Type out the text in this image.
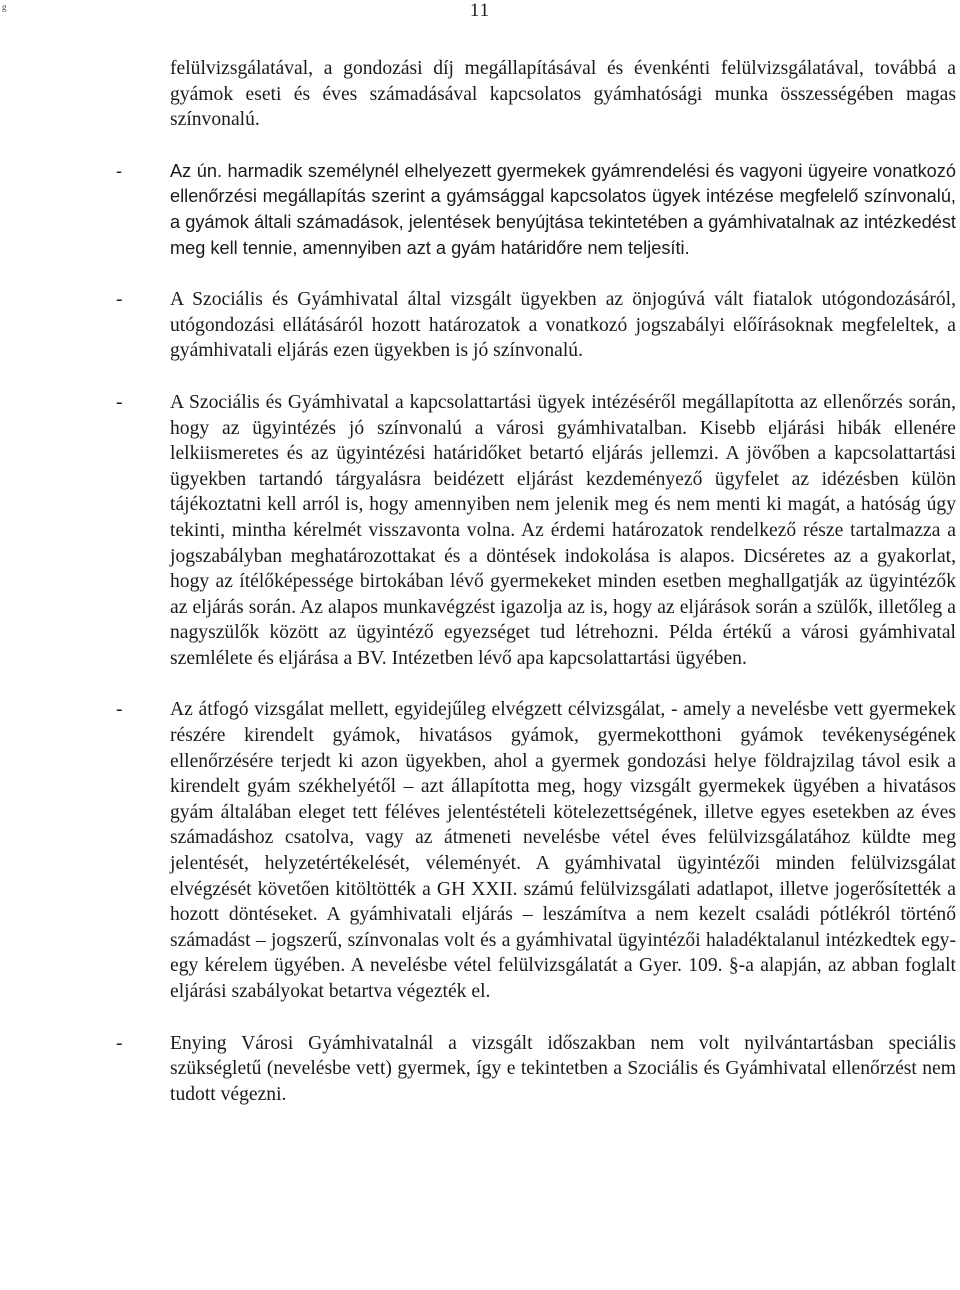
g	11
felülvizsgálatával, a gondozási díj megállapításával és évenkénti felülvizsgálatával, továbbá a gyámok eseti és éves számadásával kapcsolatos gyámhatósági munka összességében magas színvonalú.
-	Az ún. harmadik személynél elhelyezett gyermekek gyámrendelési és vagyoni ügyeire vonatkozó ellenőrzési megállapítás szerint a gyámsággal kapcsolatos ügyek intézése megfelelő színvonalú, a gyámok általi számadások, jelentések benyújtása tekintetében a gyámhivatalnak az intézkedést meg kell tennie, amennyiben azt a gyám határidőre nem teljesíti.
- A Szociális és Gyámhivatal által vizsgált ügyekben az önjogúvá vált fiatalok utógondozásáról, utógondozási ellátásáról hozott határozatok a vonatkozó jogszabályi előírásoknak megfeleltek, a gyámhivatali eljárás ezen ügyekben is jó színvonalú.
- A Szociális és Gyámhivatal a kapcsolattartási ügyek intézéséről megállapította az ellenőrzés során, hogy az ügyintézés jó színvonalú a városi gyámhivatalban. Kisebb eljárási hibák ellenére lelkiismeretes és az ügyintézési határidőket betartó eljárás jellemzi. A jövőben a kapcsolattartási ügyekben tartandó tárgyalásra beidézett eljárást kezdeményező ügyfelet az idézésben külön tájékoztatni kell arról is, hogy amennyiben nem jelenik meg és nem menti ki magát, a hatóság úgy tekinti, mintha kérelmét visszavonta volna. Az érdemi határozatok rendelkező része tartalmazza a jogszabályban meghatározottakat és a döntések indokolása is alapos. Dicséretes az a gyakorlat, hogy az ítélőképessége birtokában lévő gyermekeket minden esetben meghallgatják az ügyintézők az eljárás során. Az alapos munkavégzést igazolja az is, hogy az eljárások során a szülők, illetőleg a nagyszülők között az ügyintéző egyezséget tud létrehozni. Példa értékű a városi gyámhivatal szemlélete és eljárása a BV. Intézetben lévő apa kapcsolattartási ügyében.
- Az átfogó vizsgálat mellett, egyidejűleg elvégzett célvizsgálat, - amely a nevelésbe vett gyermekek részére kirendelt gyámok, hivatásos gyámok, gyermekotthoni gyámok tevékenységének ellenőrzésére terjedt ki azon ügyekben, ahol a gyermek gondozási helye földrajzilag távol esik a kirendelt gyám székhelyétől – azt állapította meg, hogy vizsgált gyermekek ügyében a hivatásos gyám általában eleget tett féléves jelentéstételi kötelezettségének, illetve egyes esetekben az éves számadáshoz csatolva, vagy az átmeneti nevelésbe vétel éves felülvizsgálatához küldte meg jelentését, helyzetértékelését, véleményét. A gyámhivatal ügyintézői minden felülvizsgálat elvégzését követően kitöltötték a GH XXII. számú felülvizsgálati adatlapot, illetve jogerősítették a hozott döntéseket. A gyámhivatali eljárás – leszámítva a nem kezelt családi pótlékról történő számadást – jogszerű, színvonalas volt és a gyámhivatal ügyintézői haladéktalanul intézkedtek egy-egy kérelem ügyében. A nevelésbe vétel felülvizsgálatát a Gyer. 109. §-a alapján, az abban foglalt eljárási szabályokat betartva végezték el.
- Enying Városi Gyámhivatalnál a vizsgált időszakban nem volt nyilvántartásban speciális szükségletű (nevelésbe vett) gyermek, így e tekintetben a Szociális és Gyámhivatal ellenőrzést nem tudott végezni.
